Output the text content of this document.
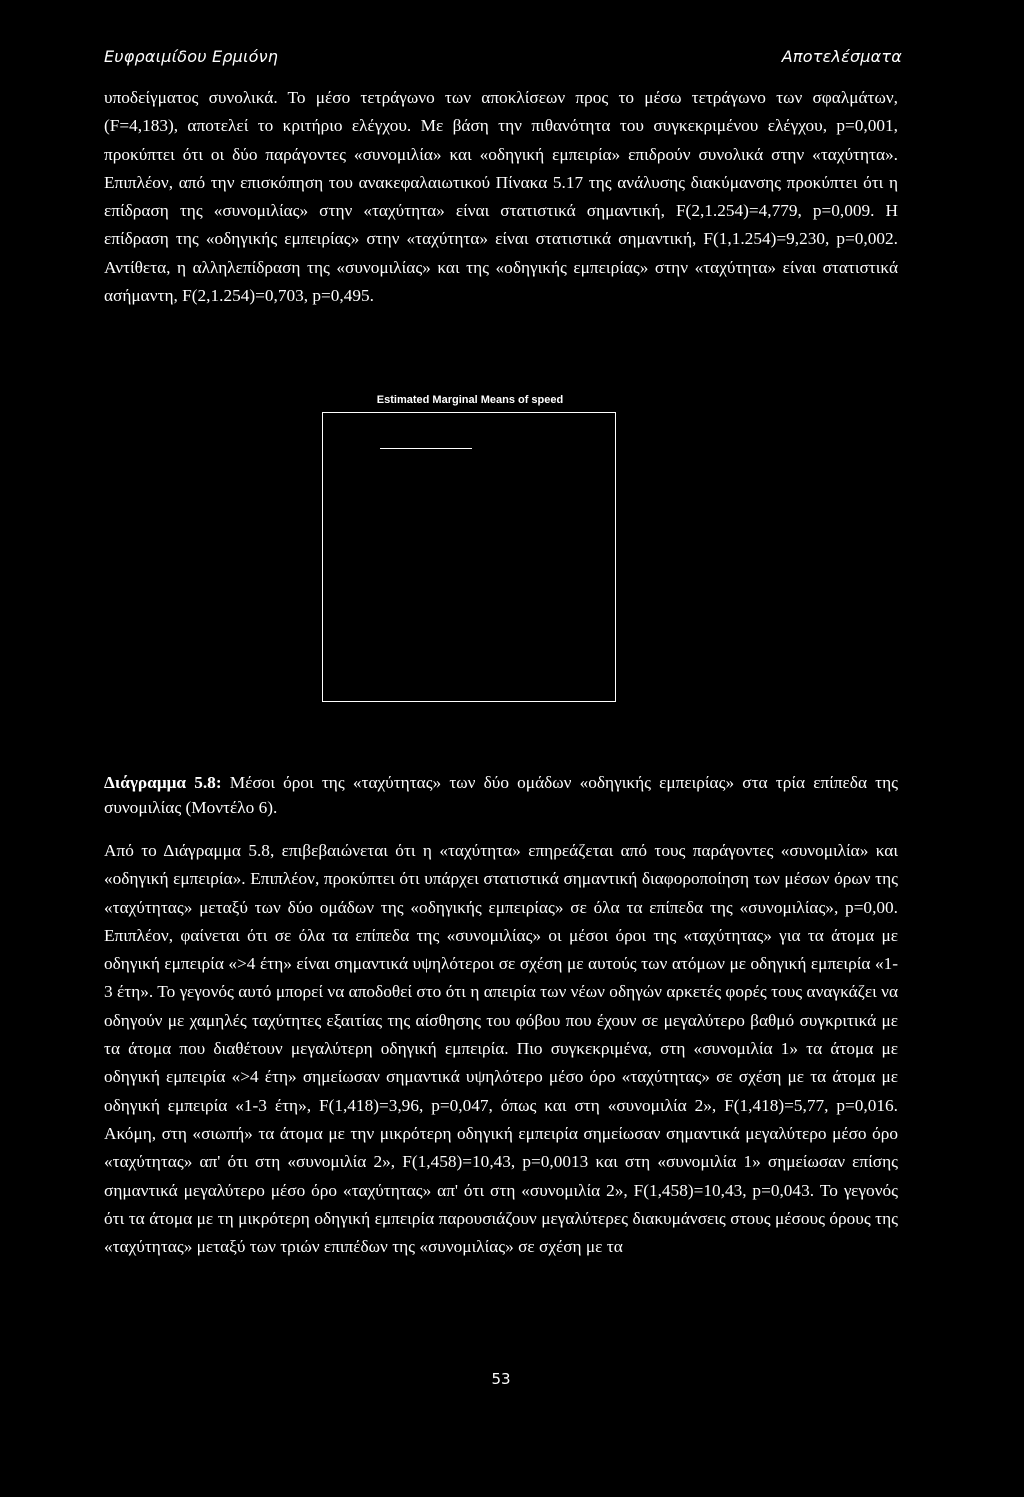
Ευφραιμίδου Ερμιόνη	Αποτελέσματα

υποδείγματος συνολικά. Το μέσο τετράγωνο των αποκλίσεων προς το μέσω τετράγωνο των σφαλμάτων, (F=4,183), αποτελεί το κριτήριο ελέγχου. Με βάση την πιθανότητα του συγκεκριμένου ελέγχου, p=0,001, προκύπτει ότι οι δύο παράγοντες «συνομιλία» και «οδηγική εμπειρία» επιδρούν συνολικά στην «ταχύτητα». Επιπλέον, από την επισκόπηση του ανακεφαλαιωτικού Πίνακα 5.17 της ανάλυσης διακύμανσης προκύπτει ότι η επίδραση της «συνομιλίας» στην «ταχύτητα» είναι στατιστικά σημαντική, F(2,1.254)=4,779, p=0,009. Η επίδραση της «οδηγικής εμπειρίας» στην «ταχύτητα» είναι στατιστικά σημαντική, F(1,1.254)=9,230, p=0,002. Αντίθετα, η αλληλεπίδραση της «συνομιλίας» και της «οδηγικής εμπειρίας» στην «ταχύτητα» είναι στατιστικά ασήμαντη, F(2,1.254)=0,703, p=0,495.

Estimated Marginal Means of speed

Διάγραμμα 5.8: Μέσοι όροι της «ταχύτητας» των δύο ομάδων «οδηγικής εμπειρίας» στα τρία επίπεδα της συνομιλίας (Μοντέλο 6).

Από το Διάγραμμα 5.8, επιβεβαιώνεται ότι η «ταχύτητα» επηρεάζεται από τους παράγοντες «συνομιλία» και «οδηγική εμπειρία». Επιπλέον, προκύπτει ότι υπάρχει στατιστικά σημαντική διαφοροποίηση των μέσων όρων της «ταχύτητας» μεταξύ των δύο ομάδων της «οδηγικής εμπειρίας» σε όλα τα επίπεδα της «συνομιλίας», p=0,00. Επιπλέον, φαίνεται ότι σε όλα τα επίπεδα της «συνομιλίας» οι μέσοι όροι της «ταχύτητας» για τα άτομα με οδηγική εμπειρία «>4 έτη» είναι σημαντικά υψηλότεροι σε σχέση με αυτούς των ατόμων με οδηγική εμπειρία «1-3 έτη». Το γεγονός αυτό μπορεί να αποδοθεί στο ότι η απειρία των νέων οδηγών αρκετές φορές τους αναγκάζει να οδηγούν με χαμηλές ταχύτητες εξαιτίας της αίσθησης του φόβου που έχουν σε μεγαλύτερο βαθμό συγκριτικά με τα άτομα που διαθέτουν μεγαλύτερη οδηγική εμπειρία. Πιο συγκεκριμένα, στη «συνομιλία 1» τα άτομα με οδηγική εμπειρία «>4 έτη» σημείωσαν σημαντικά υψηλότερο μέσο όρο «ταχύτητας» σε σχέση με τα άτομα με οδηγική εμπειρία «1-3 έτη», F(1,418)=3,96, p=0,047, όπως και στη «συνομιλία 2», F(1,418)=5,77, p=0,016. Ακόμη, στη «σιωπή» τα άτομα με την μικρότερη οδηγική εμπειρία σημείωσαν σημαντικά μεγαλύτερο μέσο όρο «ταχύτητας» απ' ότι στη «συνομιλία 2», F(1,458)=10,43, p=0,0013 και στη «συνομιλία 1» σημείωσαν επίσης σημαντικά μεγαλύτερο μέσο όρο «ταχύτητας» απ' ότι στη «συνομιλία 2», F(1,458)=10,43, p=0,043. Το γεγονός ότι τα άτομα με τη μικρότερη οδηγική εμπειρία παρουσιάζουν μεγαλύτερες διακυμάνσεις στους μέσους όρους της «ταχύτητας» μεταξύ των τριών επιπέδων της «συνομιλίας» σε σχέση με τα

53
